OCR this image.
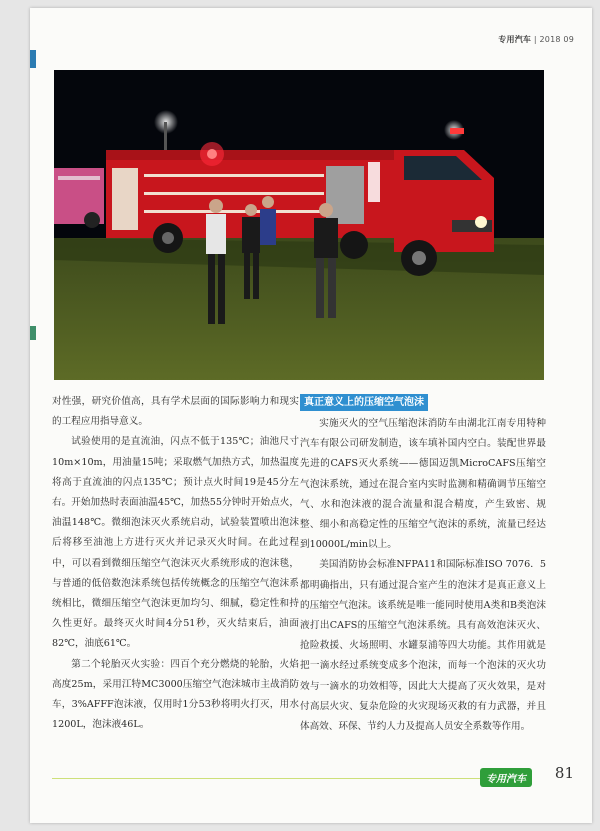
专用汽车 | 2018 09

对性强，研究价值高，具有学术层面的国际影响力和现实的工程应用指导意义。

试验使用的是直流油，闪点不低于135℃；油池尺寸10m×10m，用油量15吨；采取燃气加热方式，加热温度将高于直流油的闪点135℃；预计点火时间19是45分左右。开始加热时表面油温45℃，加热55分钟时开始点火，油温148℃。微细泡沫灭火系统启动，试验装置喷出泡沫后将移至油池上方进行灭火并记录灭火时间。在此过程中，可以看到微细压缩空气泡沫灭火系统形成的泡沫毯，与普通的低倍数泡沫系统包括传统概念的压缩空气泡沫系统相比，微细压缩空气泡沫更加均匀、细腻，稳定性和持久性更好。最终灭火时间4分51秒，灭火结束后，油面82℃，油底61℃。

第二个轮胎灭火实验：四百个充分燃烧的轮胎，火焰高度25m，采用江特MC3000压缩空气泡沫城市主战消防车，3%AFFF泡沫液，仅用时1分53秒将明火打灭，用水1200L，泡沫液46L。

真正意义上的压缩空气泡沫

实施灭火的空气压缩泡沫消防车由湖北江南专用特种汽车有限公司研发制造，该车填补国内空白。装配世界最先进的CAFS灭火系统——德国迈凯MicroCAFS压缩空气泡沫系统，通过在混合室内实时监测和精确调节压缩空气、水和泡沫液的混合流量和混合精度，产生致密、规整、细小和高稳定性的压缩空气泡沫的系统，流量已经达到10000L/min以上。

美国消防协会标准NFPA11和国际标准ISO 7076．5都明确指出，只有通过混合室产生的泡沫才是真正意义上的压缩空气泡沫。该系统是唯一能同时使用A类和B类泡沫液打出CAFS的压缩空气泡沫系统。具有高效泡沫灭火、抢险救援、火场照明、水罐泵浦等四大功能。其作用就是把一滴水经过系统变成多个泡沫，而每一个泡沫的灭火功效与一滴水的功效相等，因此大大提高了灭火效果，是对付高层火灾、复杂危险的火灾现场灭救的有力武器，并且体高效、环保、节约人力及提高人员安全系数等作用。

专用汽车	81
